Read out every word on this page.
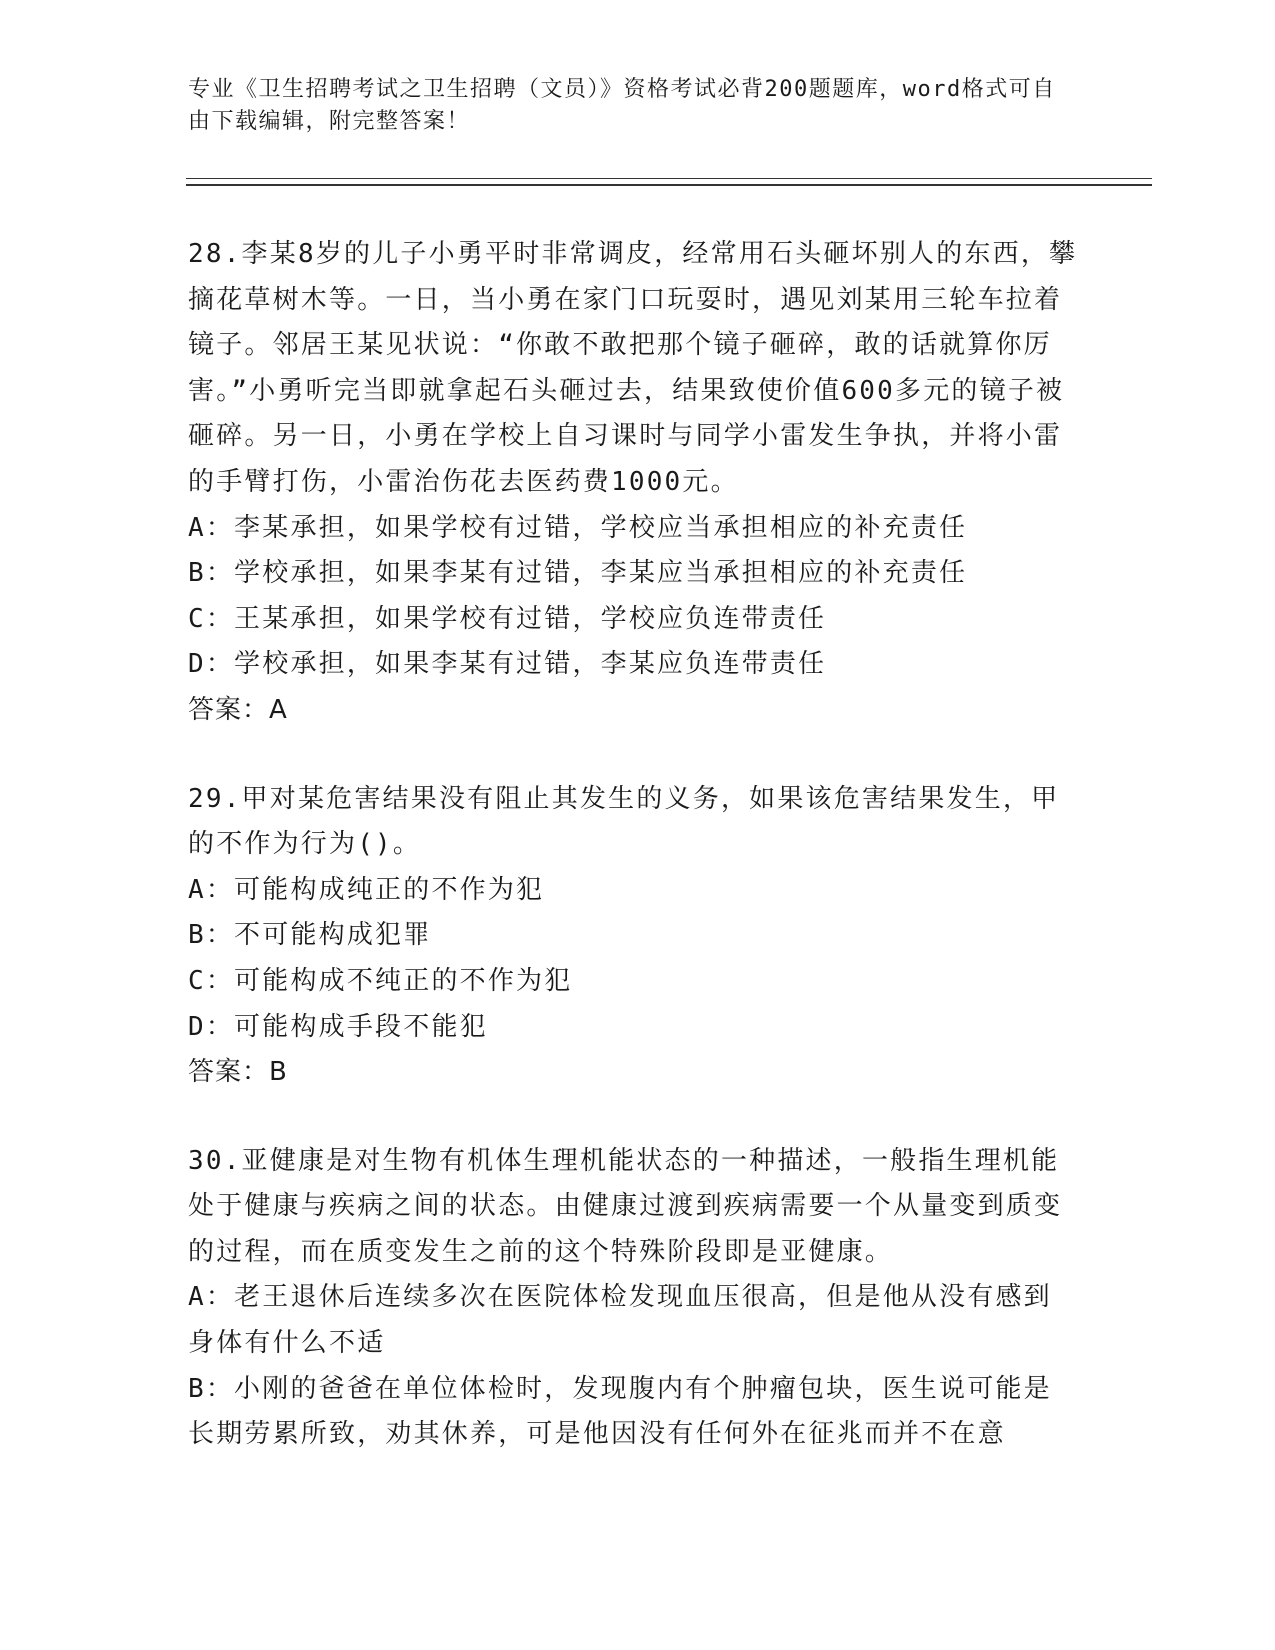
专业《卫生招聘考试之卫生招聘（文员）》资格考试必背200题题库，word格式可自由下载编辑，附完整答案！

28.李某8岁的儿子小勇平时非常调皮，经常用石头砸坏别人的东西，攀摘花草树木等。一日，当小勇在家门口玩耍时，遇见刘某用三轮车拉着镜子。邻居王某见状说：“你敢不敢把那个镜子砸碎，敢的话就算你厉害。”小勇听完当即就拿起石头砸过去，结果致使价值600多元的镜子被砸碎。另一日，小勇在学校上自习课时与同学小雷发生争执，并将小雷的手臂打伤，小雷治伤花去医药费1000元。

A：李某承担，如果学校有过错，学校应当承担相应的补充责任

B：学校承担，如果李某有过错，李某应当承担相应的补充责任

C：王某承担，如果学校有过错，学校应负连带责任

D：学校承担，如果李某有过错，李某应负连带责任

答案：A

29.甲对某危害结果没有阻止其发生的义务，如果该危害结果发生，甲的不作为行为()。

A：可能构成纯正的不作为犯

B：不可能构成犯罪

C：可能构成不纯正的不作为犯

D：可能构成手段不能犯

答案：B

30.亚健康是对生物有机体生理机能状态的一种描述，一般指生理机能处于健康与疾病之间的状态。由健康过渡到疾病需要一个从量变到质变的过程，而在质变发生之前的这个特殊阶段即是亚健康。

A：老王退休后连续多次在医院体检发现血压很高，但是他从没有感到身体有什么不适

B：小刚的爸爸在单位体检时，发现腹内有个肿瘤包块，医生说可能是长期劳累所致，劝其休养，可是他因没有任何外在征兆而并不在意
